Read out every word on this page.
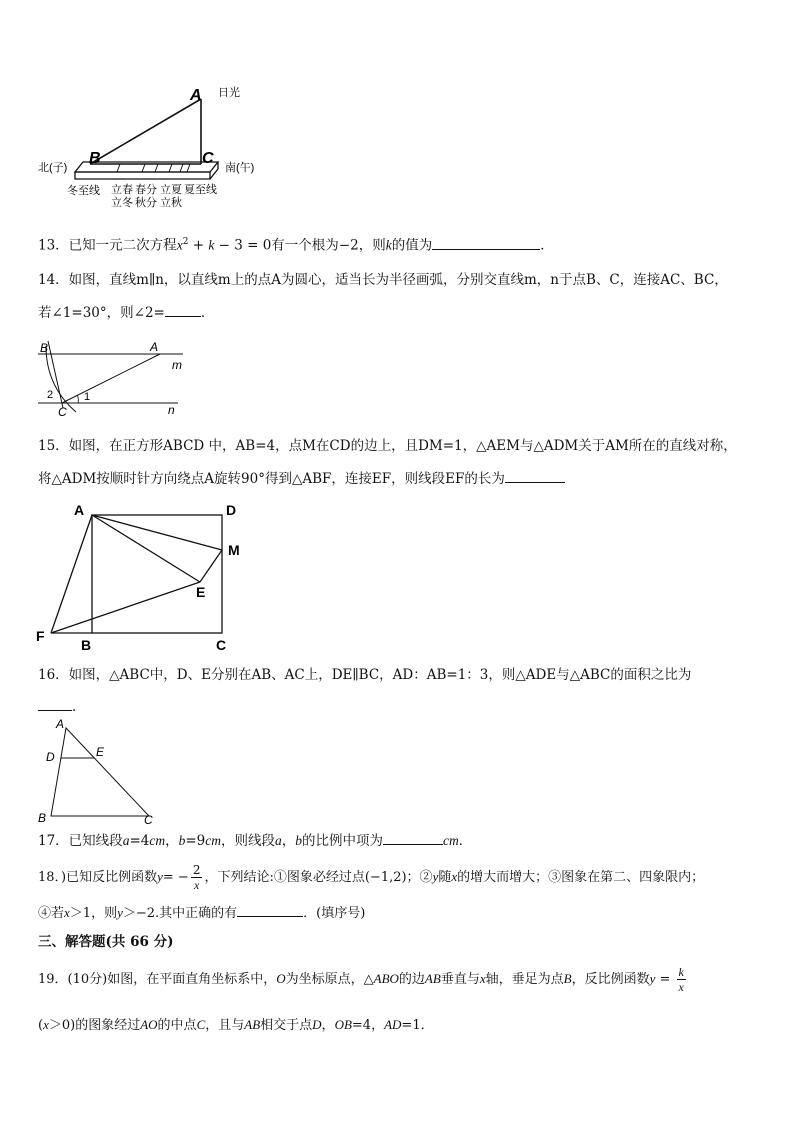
A 日光
B	C
北(子)	南(午)
冬至线 立春
立冬
春分
秋分
立夏
立秋
夏至线
13．已知一元二次方程$x^2 + k - 3 = 0$有一个根为−2，则k的值为	．
14．如图，直线m∥n，以直线m上的点A为圆心，适当长为半径画弧，分别交直线m，n于点B、C，连接AC、BC，
若∠1=30°，则∠2=	．
B	A
m
n
C
1
2
15．如图，在正方形ABCD 中，AB=4，点M在CD的边上，且DM=1，△AEM与△ADM关于AM所在的直线对称，
将△ADM按顺时针方向绕点A旋转90°得到△ABF，连接EF，则线段EF的长为
A	D
M
E
F
B	C
16．如图，△ABC中，D、E分别在AB、AC上，DE∥BC，AD：AB=1：3，则△ADE与△ABC的面积之比为
．
A
D	E
B	C
17．已知线段a=4cm，b=9cm，则线段a，b的比例中项为	cm．
18．)已知反比例函数$y= - \frac{2}{x}$ ，下列结论:①图象必经过点(−1,2)；②y随x的增大而增大；③图象在第二、四象限内；
④若x＞1，则y＞−2.其中正确的有	．(填序号)
三、解答题(共 66 分)
19．(10分)如图，在平面直角坐标系中，O为坐标原点，△ABO的边AB垂直与x轴，垂足为点B，反比例函数$y = \frac{k}{x}$
(x＞0)的图象经过AO的中点C，且与AB相交于点D，OB=4，AD=1．
